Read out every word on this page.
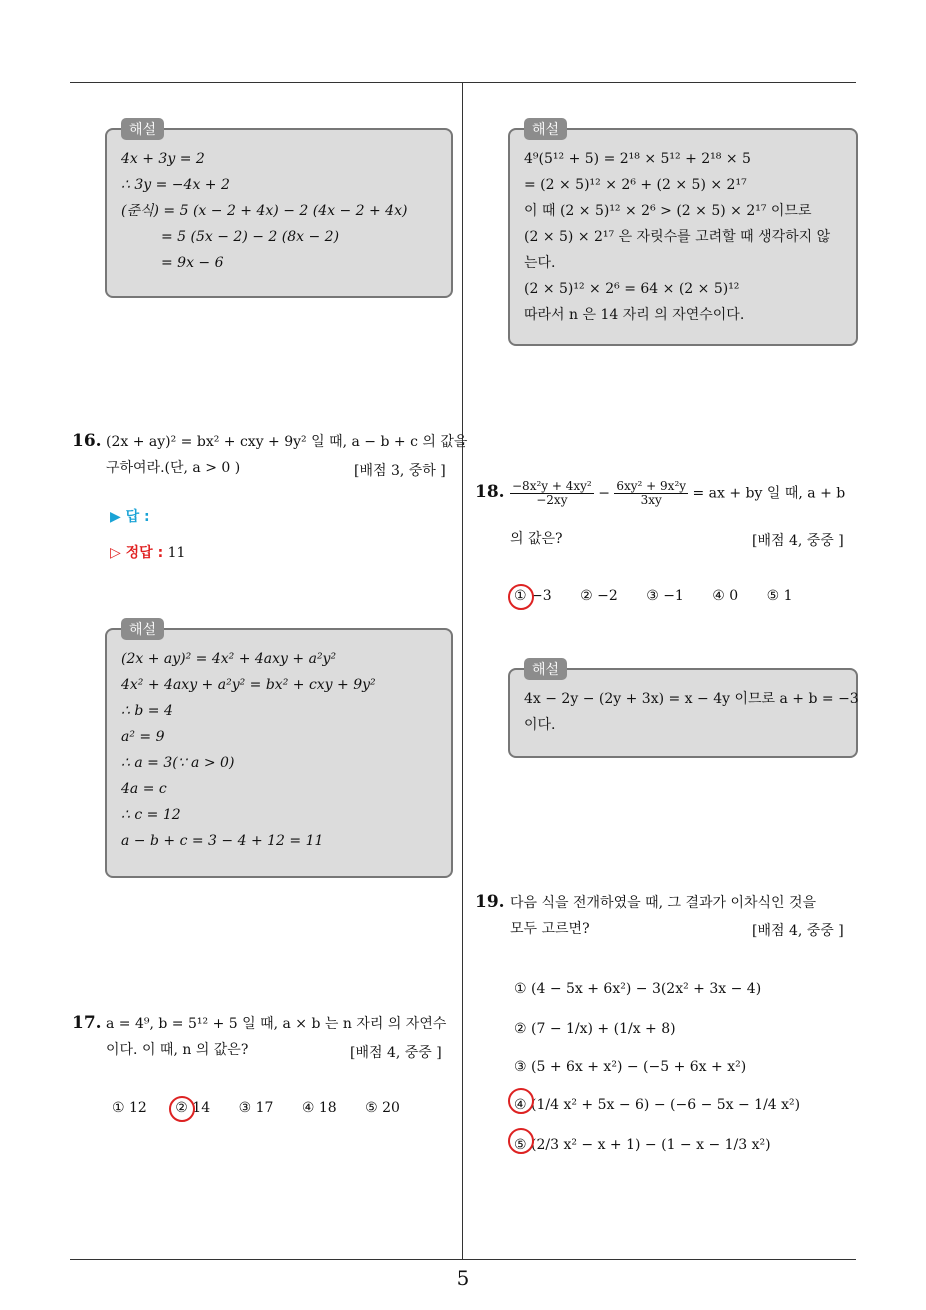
해설
4x + 3y = 2
∴ 3y = −4x + 2
(준식) = 5 (x − 2 + 4x) − 2 (4x − 2 + 4x)
= 5 (5x − 2) − 2 (8x − 2)
= 9x − 6
16. (2x + ay)² = bx² + cxy + 9y² 일 때, a − b + c 의 값을
구하여라.(단, a > 0 )	[배점 3, 중하 ]
▶ 답 :
▷ 정답 : 11
해설
(2x + ay)² = 4x² + 4axy + a²y²
4x² + 4axy + a²y² = bx² + cxy + 9y²
∴ b = 4
a² = 9
∴ a = 3(∵ a > 0)
4a = c
∴ c = 12
a − b + c = 3 − 4 + 12 = 11
17. a = 4⁹, b = 5¹² + 5 일 때, a × b 는 n 자리 의 자연수
이다. 이 때, n 의 값은?	[배점 4, 중중 ]
① 12 ② 14 ③ 17 ④ 18 ⑤ 20
해설
4⁹(5¹² + 5) = 2¹⁸ × 5¹² + 2¹⁸ × 5
= (2 × 5)¹² × 2⁶ + (2 × 5) × 2¹⁷
이 때 (2 × 5)¹² × 2⁶ > (2 × 5) × 2¹⁷ 이므로
(2 × 5) × 2¹⁷ 은 자릿수를 고려할 때 생각하지 않
는다.
(2 × 5)¹² × 2⁶ = 64 × (2 × 5)¹²
따라서 n 은 14 자리 의 자연수이다.
18. $\frac{\text{−8x²y + 4xy²}}{-2xy} - \frac{\text{6xy² + 9x²y}}{3xy}$ = ax + by 일 때, a + b
의 값은?	[배점 4, 중중 ]
① −3 ② −2 ③ −1 ④ 0 ⑤ 1
해설
4x − 2y − (2y + 3x) = x − 4y 이므로 a + b = −3
이다.
19. 다음 식을 전개하였을 때, 그 결과가 이차식인 것을
모두 고르면?	[배점 4, 중중 ]
① (4 − 5x + 6x²) − 3(2x² + 3x − 4)
② (7 − 1/x) + (1/x + 8)
③ (5 + 6x + x²) − (−5 + 6x + x²)
④ (1/4 x² + 5x − 6) − (−6 − 5x − 1/4 x²)
⑤ (2/3 x² − x + 1) − (1 − x − 1/3 x²)
5
